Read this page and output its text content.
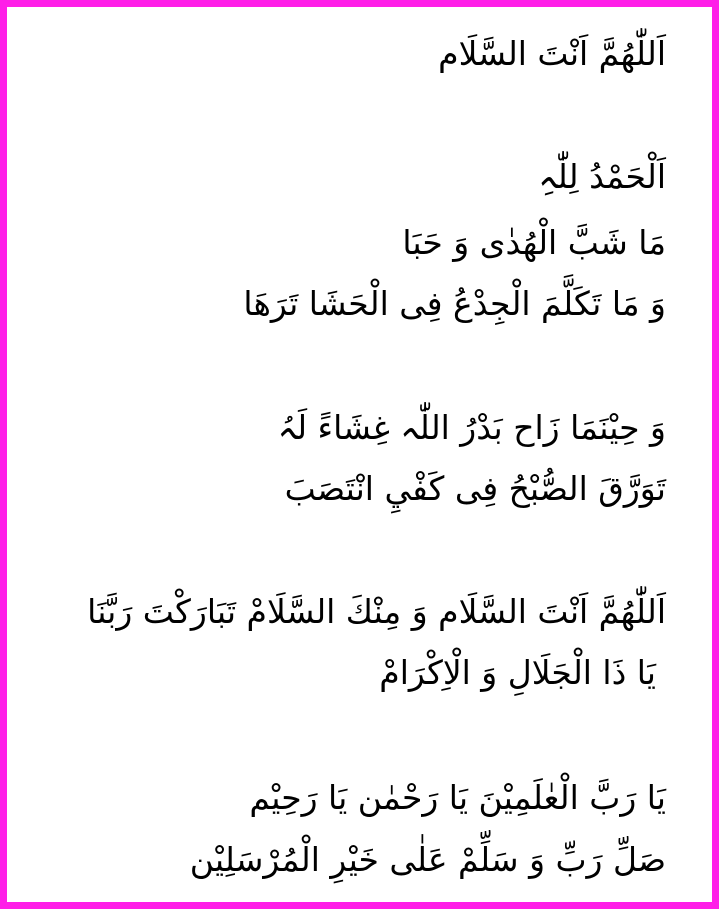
اَللّٰھُمَّ اَنْتَ السَّلَام
اَلْحَمْدُ لِلّٰہِ
مَا شَبَّ الْھُدٰی وَ حَبَا
وَ مَا تَکَلَّمَ الْجِدْعُ فِی الْحَشَا تَرَھَا
وَ حِیْنَمَا زَاح بَدْرُ اللّٰہ غِشَاءً لَہُ
تَوَرَّقَ الصُّبْحُ فِی کَفْيِ انْتَصَبَ
اَللّٰھُمَّ اَنْتَ السَّلَام وَ مِنْكَ السَّلَامْ تَبَارَکْتَ رَبَّنَا
یَا ذَا الْجَلَالِ وَ الْاِکْرَامْ
یَا رَبَّ الْعٰلَمِیْنَ یَا رَحْمٰن یَا رَحِیْم
صَلِّ رَبِّ وَ سَلِّمْ عَلٰی خَیْرِ الْمُرْسَلِیْن
